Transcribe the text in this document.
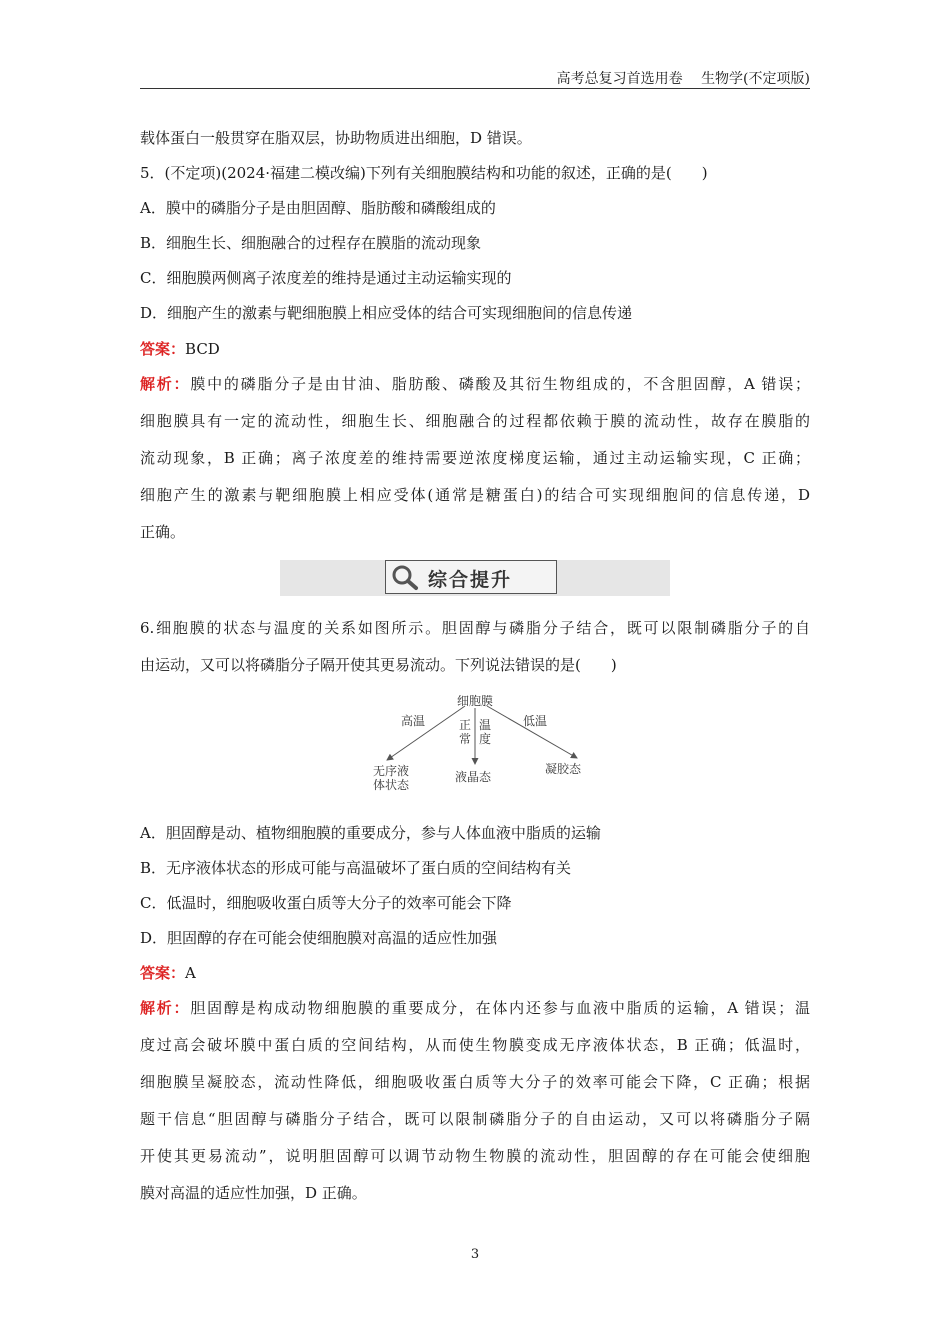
高考总复习首选用卷 生物学(不定项版)
载体蛋白一般贯穿在脂双层，协助物质进出细胞，D 错误。
5．(不定项)(2024·福建二模改编)下列有关细胞膜结构和功能的叙述，正确的是(　　)
A．膜中的磷脂分子是由胆固醇、脂肪酸和磷酸组成的
B．细胞生长、细胞融合的过程存在膜脂的流动现象
C．细胞膜两侧离子浓度差的维持是通过主动运输实现的
D．细胞产生的激素与靶细胞膜上相应受体的结合可实现细胞间的信息传递
答案：BCD
解析：膜中的磷脂分子是由甘油、脂肪酸、磷酸及其衍生物组成的，不含胆固醇，A 错误；
细胞膜具有一定的流动性，细胞生长、细胞融合的过程都依赖于膜的流动性，故存在膜脂的
流动现象，B 正确；离子浓度差的维持需要逆浓度梯度运输，通过主动运输实现，C 正确；
细胞产生的激素与靶细胞膜上相应受体(通常是糖蛋白)的结合可实现细胞间的信息传递，D
正确。
综合提升
6.细胞膜的状态与温度的关系如图所示。胆固醇与磷脂分子结合，既可以限制磷脂分子的自
由运动，又可以将磷脂分子隔开使其更易流动。下列说法错误的是(　　)
细胞膜
高温	低温
正常
温度
无序液
体状态
液晶态
凝胶态
A．胆固醇是动、植物细胞膜的重要成分，参与人体血液中脂质的运输
B．无序液体状态的形成可能与高温破坏了蛋白质的空间结构有关
C．低温时，细胞吸收蛋白质等大分子的效率可能会下降
D．胆固醇的存在可能会使细胞膜对高温的适应性加强
答案：A
解析：胆固醇是构成动物细胞膜的重要成分，在体内还参与血液中脂质的运输，A 错误；温
度过高会破坏膜中蛋白质的空间结构，从而使生物膜变成无序液体状态，B 正确；低温时，
细胞膜呈凝胶态，流动性降低，细胞吸收蛋白质等大分子的效率可能会下降，C 正确；根据
题干信息“胆固醇与磷脂分子结合，既可以限制磷脂分子的自由运动，又可以将磷脂分子隔
开使其更易流动”，说明胆固醇可以调节动物生物膜的流动性，胆固醇的存在可能会使细胞
膜对高温的适应性加强，D 正确。
3
